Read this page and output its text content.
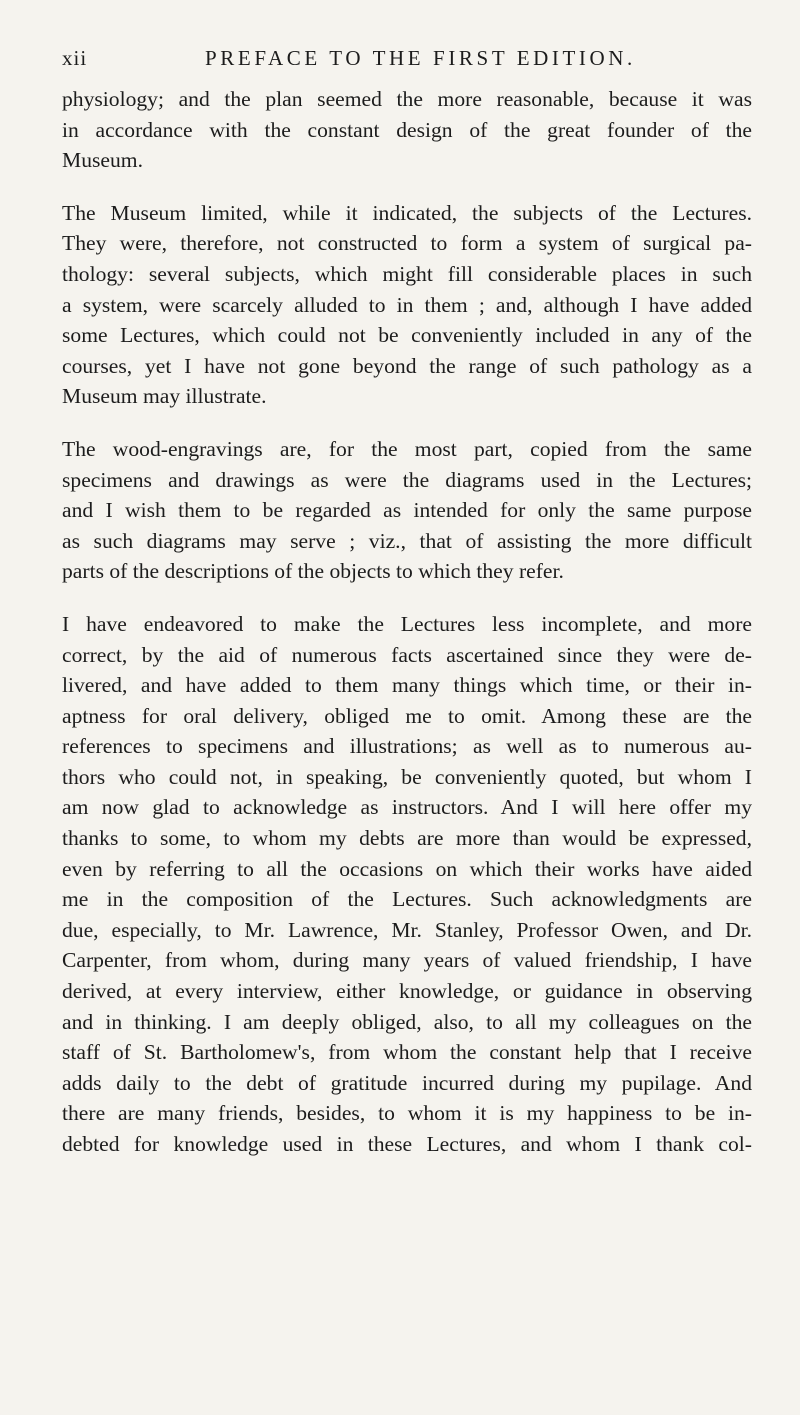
xii	PREFACE TO THE FIRST EDITION.
physiology; and the plan seemed the more reasonable, because it was
in accordance with the constant design of the great founder of the
Museum.
The Museum limited, while it indicated, the subjects of the Lectures.
They were, therefore, not constructed to form a system of surgical pa-
thology: several subjects, which might fill considerable places in such
a system, were scarcely alluded to in them ; and, although I have added
some Lectures, which could not be conveniently included in any of the
courses, yet I have not gone beyond the range of such pathology as a
Museum may illustrate.
The wood-engravings are, for the most part, copied from the same
specimens and drawings as were the diagrams used in the Lectures;
and I wish them to be regarded as intended for only the same purpose
as such diagrams may serve ; viz., that of assisting the more difficult
parts of the descriptions of the objects to which they refer.
I have endeavored to make the Lectures less incomplete, and more
correct, by the aid of numerous facts ascertained since they were de-
livered, and have added to them many things which time, or their in-
aptness for oral delivery, obliged me to omit. Among these are the
references to specimens and illustrations; as well as to numerous au-
thors who could not, in speaking, be conveniently quoted, but whom I
am now glad to acknowledge as instructors. And I will here offer my
thanks to some, to whom my debts are more than would be expressed,
even by referring to all the occasions on which their works have aided
me in the composition of the Lectures. Such acknowledgments are
due, especially, to Mr. Lawrence, Mr. Stanley, Professor Owen, and Dr.
Carpenter, from whom, during many years of valued friendship, I have
derived, at every interview, either knowledge, or guidance in observing
and in thinking. I am deeply obliged, also, to all my colleagues on the
staff of St. Bartholomew's, from whom the constant help that I receive
adds daily to the debt of gratitude incurred during my pupilage. And
there are many friends, besides, to whom it is my happiness to be in-
debted for knowledge used in these Lectures, and whom I thank col-
